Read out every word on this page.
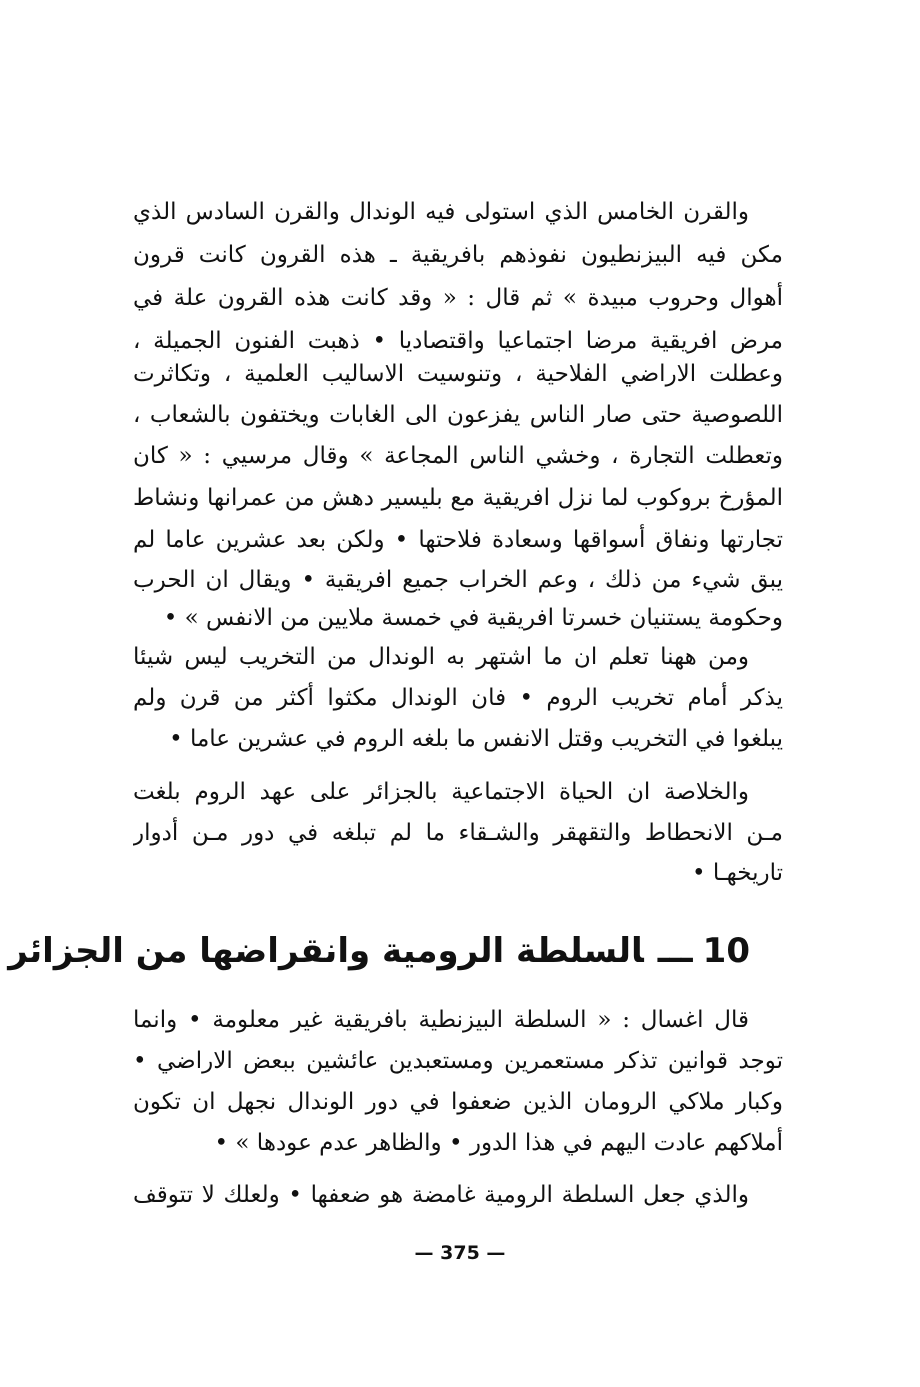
والقرن الخامس الذي استولى فيه الوندال والقرن السادس الذي
مكن فيه البيزنطيون نفوذهم بافريقية ـ هذه القرون كانت قرون
أهوال وحروب مبيدة » ثم قال : « وقد كانت هذه القرون علة في
مرض افريقية مرضا اجتماعيا واقتصاديا • ذهبت الفنون الجميلة ،
وعطلت الاراضي الفلاحية ، وتنوسيت الاساليب العلمية ، وتكاثرت
اللصوصية حتى صار الناس يفزعون الى الغابات ويختفون بالشعاب ،
وتعطلت التجارة ، وخشي الناس المجاعة » وقال مرسيي : « كان
المؤرخ بروكوب لما نزل افريقية مع بليسير دهش من عمرانها ونشاط
تجارتها ونفاق أسواقها وسعادة فلاحتها • ولكن بعد عشرين عاما لم
يبق شيء من ذلك ، وعم الخراب جميع افريقية • ويقال ان الحرب
وحكومة يستنيان خسرتا افريقية في خمسة ملايين من الانفس » •
ومن ههنا تعلم ان ما اشتهر به الوندال من التخريب ليس شيئا
يذكر أمام تخريب الروم • فان الوندال مكثوا أكثر من قرن ولم
يبلغوا في التخريب وقتل الانفس ما بلغه الروم في عشرين عاما •
والخلاصة ان الحياة الاجتماعية بالجزائر على عهد الروم بلغت
مـن الانحطاط والتقهقر والشـقاء ما لم تبلغه في دور مـن أدوار
تاريخهـا •
10ـــالسلطة الرومية وانقراضها من الجزائر
قال اغسال : « السلطة البيزنطية بافريقية غير معلومة • وانما
توجد قوانين تذكر مستعمرين ومستعبدين عائشين ببعض الاراضي •
وكبار ملاكي الرومان الذين ضعفوا في دور الوندال نجهل ان تكون
أملاكهم عادت اليهم في هذا الدور • والظاهر عدم عودها » •
والذي جعل السلطة الرومية غامضة هو ضعفها • ولعلك لا تتوقف
— 375 —
